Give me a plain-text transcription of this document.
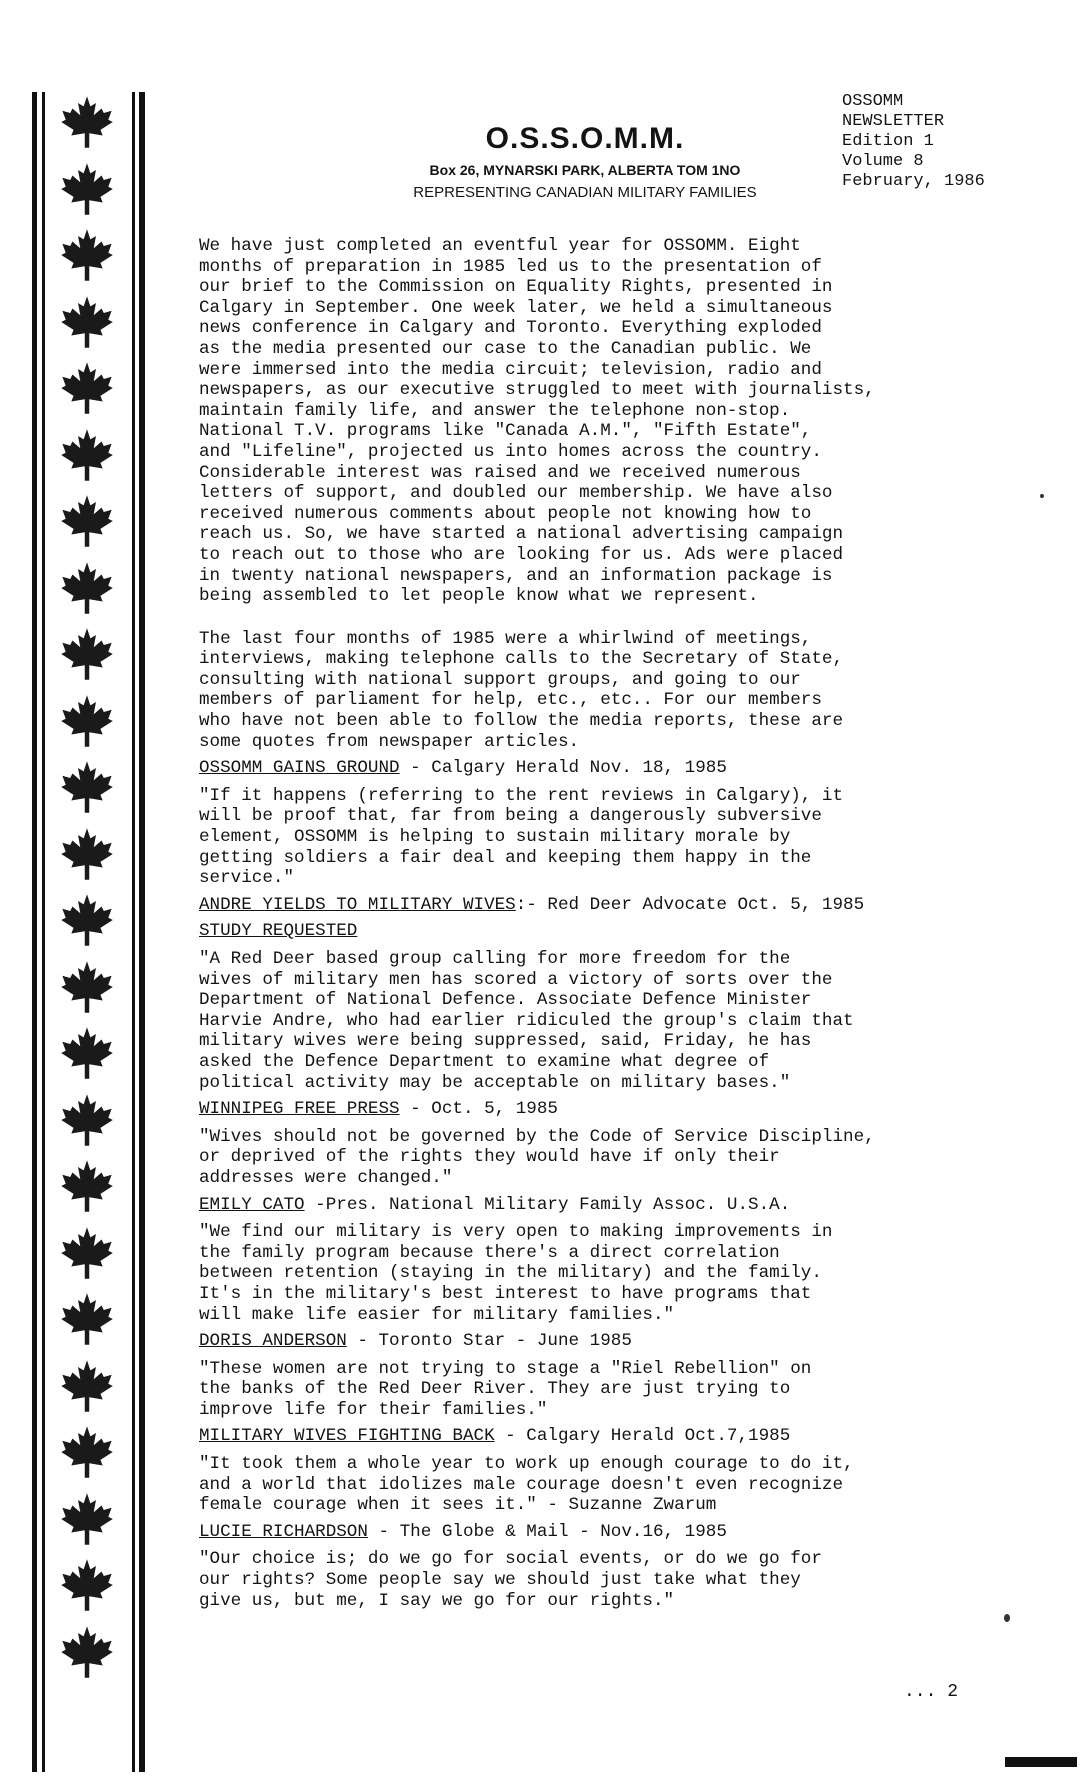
O.S.S.O.M.M.
Box 26, MYNARSKI PARK, ALBERTA TOM 1NO
REPRESENTING CANADIAN MILITARY FAMILIES
OSSOMM
NEWSLETTER
Edition 1
Volume 8
February, 1986
We have just completed an eventful year for OSSOMM. Eight
months of preparation in 1985 led us to the presentation of
our brief to the Commission on Equality Rights, presented in
Calgary in September. One week later, we held a simultaneous
news conference in Calgary and Toronto. Everything exploded
as the media presented our case to the Canadian public. We
were immersed into the media circuit; television, radio and
newspapers, as our executive struggled to meet with journalists,
maintain family life, and answer the telephone non-stop.
National T.V. programs like "Canada A.M.", "Fifth Estate",
and "Lifeline", projected us into homes across the country.
Considerable interest was raised and we received numerous
letters of support, and doubled our membership. We have also
received numerous comments about people not knowing how to
reach us. So, we have started a national advertising campaign
to reach out to those who are looking for us. Ads were placed
in twenty national newspapers, and an information package is
being assembled to let people know what we represent.
The last four months of 1985 were a whirlwind of meetings,
interviews, making telephone calls to the Secretary of State,
consulting with national support groups, and going to our
members of parliament for help, etc., etc.. For our members
who have not been able to follow the media reports, these are
some quotes from newspaper articles.
OSSOMM GAINS GROUND - Calgary Herald Nov. 18, 1985
"If it happens (referring to the rent reviews in Calgary), it
will be proof that, far from being a dangerously subversive
element, OSSOMM is helping to sustain military morale by
getting soldiers a fair deal and keeping them happy in the
service."
ANDRE YIELDS TO MILITARY WIVES:- Red Deer Advocate Oct. 5, 1985
STUDY REQUESTED
"A Red Deer based group calling for more freedom for the
wives of military men has scored a victory of sorts over the
Department of National Defence. Associate Defence Minister
Harvie Andre, who had earlier ridiculed the group's claim that
military wives were being suppressed, said, Friday, he has
asked the Defence Department to examine what degree of
political activity may be acceptable on military bases."
WINNIPEG FREE PRESS - Oct. 5, 1985
"Wives should not be governed by the Code of Service Discipline,
or deprived of the rights they would have if only their
addresses were changed."
EMILY CATO -Pres. National Military Family Assoc. U.S.A.
"We find our military is very open to making improvements in
the family program because there's a direct correlation
between retention (staying in the military) and the family.
It's in the military's best interest to have programs that
will make life easier for military families."
DORIS ANDERSON - Toronto Star - June 1985
"These women are not trying to stage a "Riel Rebellion" on
the banks of the Red Deer River. They are just trying to
improve life for their families."
MILITARY WIVES FIGHTING BACK - Calgary Herald Oct.7,1985
"It took them a whole year to work up enough courage to do it,
and a world that idolizes male courage doesn't even recognize
female courage when it sees it." - Suzanne Zwarum
LUCIE RICHARDSON - The Globe & Mail - Nov.16, 1985
"Our choice is; do we go for social events, or do we go for
our rights? Some people say we should just take what they
give us, but me, I say we go for our rights."
... 2
